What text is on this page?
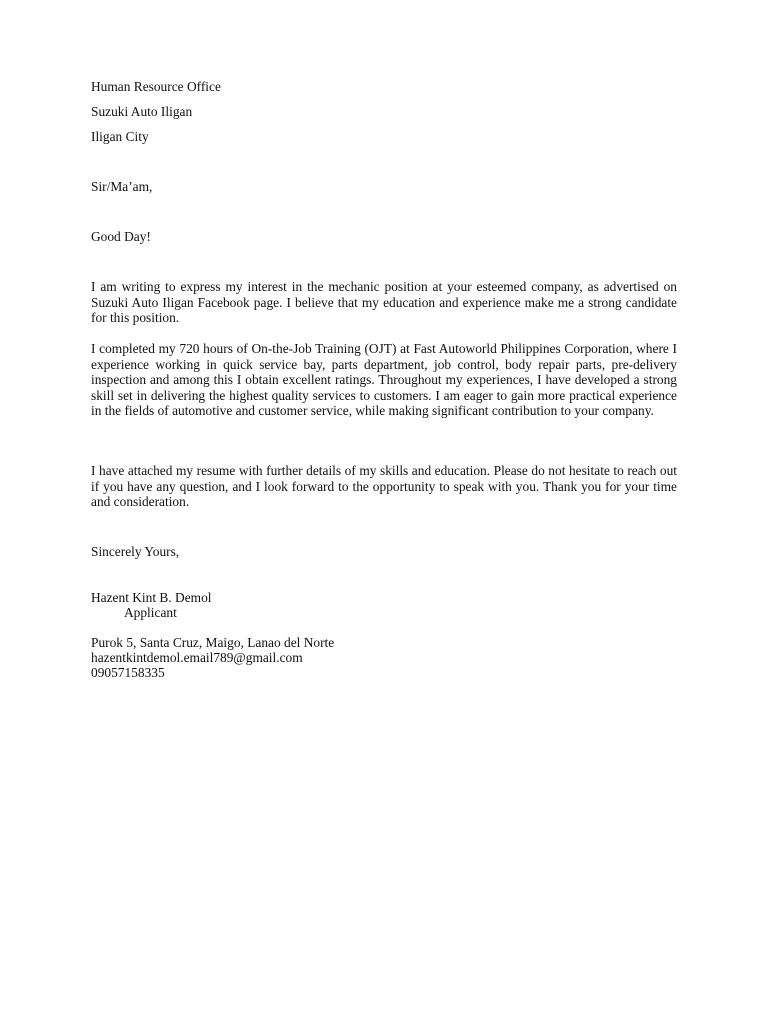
Human Resource Office
Suzuki Auto Iligan
Iligan City
Sir/Ma’am,
Good Day!

I am writing to express my interest in the mechanic position at your esteemed company, as advertised on Suzuki Auto Iligan Facebook page. I believe that my education and experience make me a strong candidate for this position.

I completed my 720 hours of On-the-Job Training (OJT) at Fast Autoworld Philippines Corporation, where I experience working in quick service bay, parts department, job control, body repair parts, pre-delivery inspection and among this I obtain excellent ratings. Throughout my experiences, I have developed a strong skill set in delivering the highest quality services to customers. I am eager to gain more practical experience in the fields of automotive and customer service, while making significant contribution to your company.

I have attached my resume with further details of my skills and education. Please do not hesitate to reach out if you have any question, and I look forward to the opportunity to speak with you. Thank you for your time and consideration.

Sincerely Yours,
Hazent Kint B. Demol
Applicant
Purok 5, Santa Cruz, Maigo, Lanao del Norte
hazentkintdemol.email789@gmail.com
09057158335
